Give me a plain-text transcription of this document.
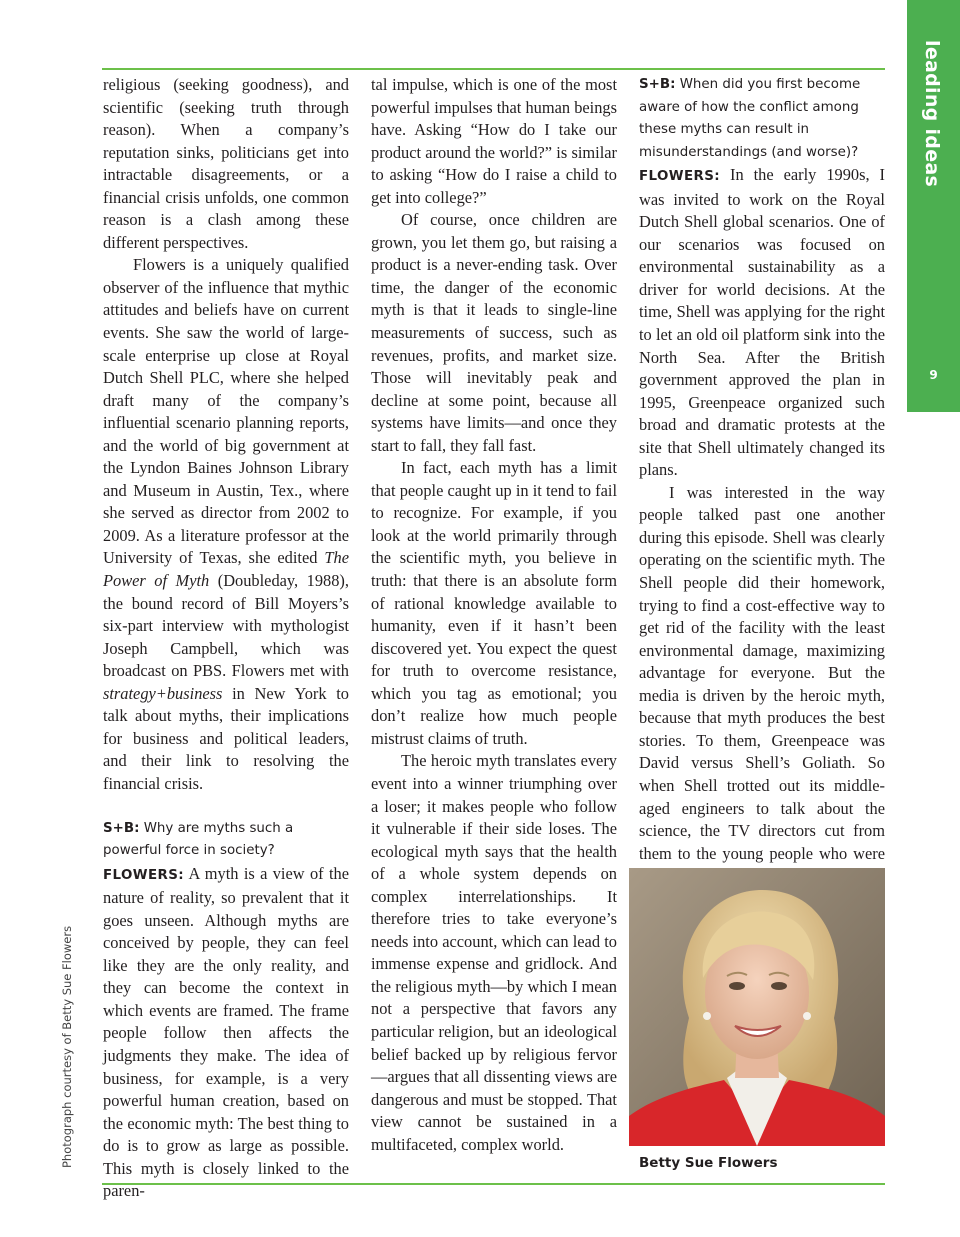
leading ideas
9
Photograph courtesy of Betty Sue Flowers

religious (seeking goodness), and scientific (seeking truth through reason). When a company’s reputation sinks, politicians get into intractable disagreements, or a financial crisis unfolds, one common reason is a clash among these different perspectives.

Flowers is a uniquely qualified observer of the influence that mythic attitudes and beliefs have on current events. She saw the world of large-scale enterprise up close at Royal Dutch Shell PLC, where she helped draft many of the company’s influential scenario planning reports, and the world of big government at the Lyndon Baines Johnson Library and Museum in Austin, Tex., where she served as director from 2002 to 2009. As a literature professor at the University of Texas, she edited The Power of Myth (Doubleday, 1988), the bound record of Bill Moyers’s six-part interview with mythologist Joseph Campbell, which was broadcast on PBS. Flowers met with strategy+business in New York to talk about myths, their implications for business and political leaders, and their link to resolving the financial crisis.

S+B: Why are myths such a powerful force in society?

FLOWERS: A myth is a view of the nature of reality, so prevalent that it goes unseen. Although myths are conceived by people, they can feel like they are the only reality, and they can become the context in which events are framed. The frame people follow then affects the judgments they make. The idea of business, for example, is a very powerful human creation, based on the economic myth: The best thing to do is to grow as large as possible. This myth is closely linked to the paren-

tal impulse, which is one of the most powerful impulses that human beings have. Asking “How do I take our product around the world?” is similar to asking “How do I raise a child to get into college?”

Of course, once children are grown, you let them go, but raising a product is a never-ending task. Over time, the danger of the economic myth is that it leads to single-line measurements of success, such as revenues, profits, and market size. Those will inevitably peak and decline at some point, because all systems have limits—and once they start to fall, they fall fast.

In fact, each myth has a limit that people caught up in it tend to fail to recognize. For example, if you look at the world primarily through the scientific myth, you believe in truth: that there is an absolute form of rational knowledge available to humanity, even if it hasn’t been discovered yet. You expect the quest for truth to overcome resistance, which you tag as emotional; you don’t realize how much people mistrust claims of truth.

The heroic myth translates every event into a winner triumphing over a loser; it makes people who follow it vulnerable if their side loses. The ecological myth says that the health of a whole system depends on complex interrelationships. It therefore tries to take everyone’s needs into account, which can lead to immense expense and gridlock. And the religious myth—by which I mean not a perspective that favors any particular religion, but an ideological belief backed up by religious fervor—argues that all dissenting views are dangerous and must be stopped. That view cannot be sustained in a multifaceted, complex world.

S+B: When did you first become aware of how the conflict among these myths can result in misunderstandings (and worse)?

FLOWERS: In the early 1990s, I was invited to work on the Royal Dutch Shell global scenarios. One of our scenarios was focused on environmental sustainability as a driver for world decisions. At the time, Shell was applying for the right to let an old oil platform sink into the North Sea. After the British government approved the plan in 1995, Greenpeace organized such broad and dramatic protests at the site that Shell ultimately changed its plans.

I was interested in the way people talked past one another during this episode. Shell was clearly operating on the scientific myth. The Shell people did their homework, trying to find a cost-effective way to get rid of the facility with the least environmental damage, maximizing advantage for everyone. But the media is driven by the heroic myth, because that myth produces the best stories. To them, Greenpeace was David versus Shell’s Goliath. So when Shell trotted out its middle-aged engineers to talk about the science, the TV directors cut from them to the young people who were

Betty Sue Flowers
